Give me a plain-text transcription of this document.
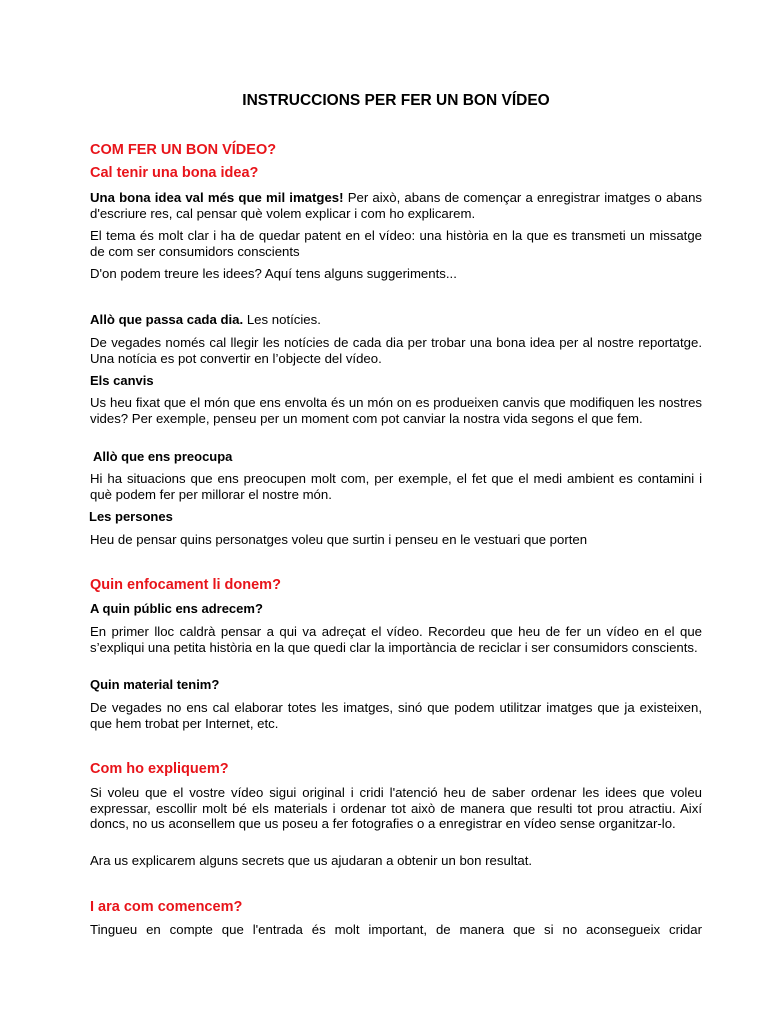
INSTRUCCIONS PER FER UN BON VÍDEO
COM FER UN BON VÍDEO?
Cal tenir una bona idea?

Una bona idea val més que mil imatges! Per això, abans de començar a enregistrar imatges o abans d'escriure res, cal pensar què volem explicar i com ho explicarem.

El tema és molt clar i ha de quedar patent en el vídeo: una història en la que es transmeti un missatge de com ser consumidors conscients

D'on podem treure les idees? Aquí tens alguns suggeriments...

Allò que passa cada dia. Les notícies.

De vegades només cal llegir les notícies de cada dia per trobar una bona idea per al nostre reportatge. Una notícia es pot convertir en l’objecte del vídeo.

Els canvis

Us heu fixat que el món que ens envolta és un món on es produeixen canvis que modifiquen les nostres vides? Per exemple, penseu per un moment com pot canviar la nostra vida segons el que fem.

Allò que ens preocupa

Hi ha situacions que ens preocupen molt com, per exemple, el fet que el medi ambient es contamini i què podem fer per millorar el nostre món.

Les persones

Heu de pensar quins personatges voleu que surtin i penseu en le vestuari que porten

Quin enfocament li donem?
A quin públic ens adrecem?

En primer lloc caldrà pensar a qui va adreçat el vídeo. Recordeu que heu de fer un vídeo en el que s’expliqui una petita història en la que quedi clar la importància de reciclar i ser consumidors conscients.

Quin material tenim?

De vegades no ens cal elaborar totes les imatges, sinó que podem utilitzar imatges que ja existeixen, que hem trobat per Internet, etc.

Com ho expliquem?

Si voleu que el vostre vídeo sigui original i cridi l'atenció heu de saber ordenar les idees que voleu expressar, escollir molt bé els materials i ordenar tot això de manera que resulti tot prou atractiu. Així doncs, no us aconsellem que us poseu a fer fotografies o a enregistrar en vídeo sense organitzar-lo.

Ara us explicarem alguns secrets que us ajudaran a obtenir un bon resultat.

I ara com comencem?

Tingueu en compte que l'entrada és molt important, de manera que si no aconsegueix cridar
